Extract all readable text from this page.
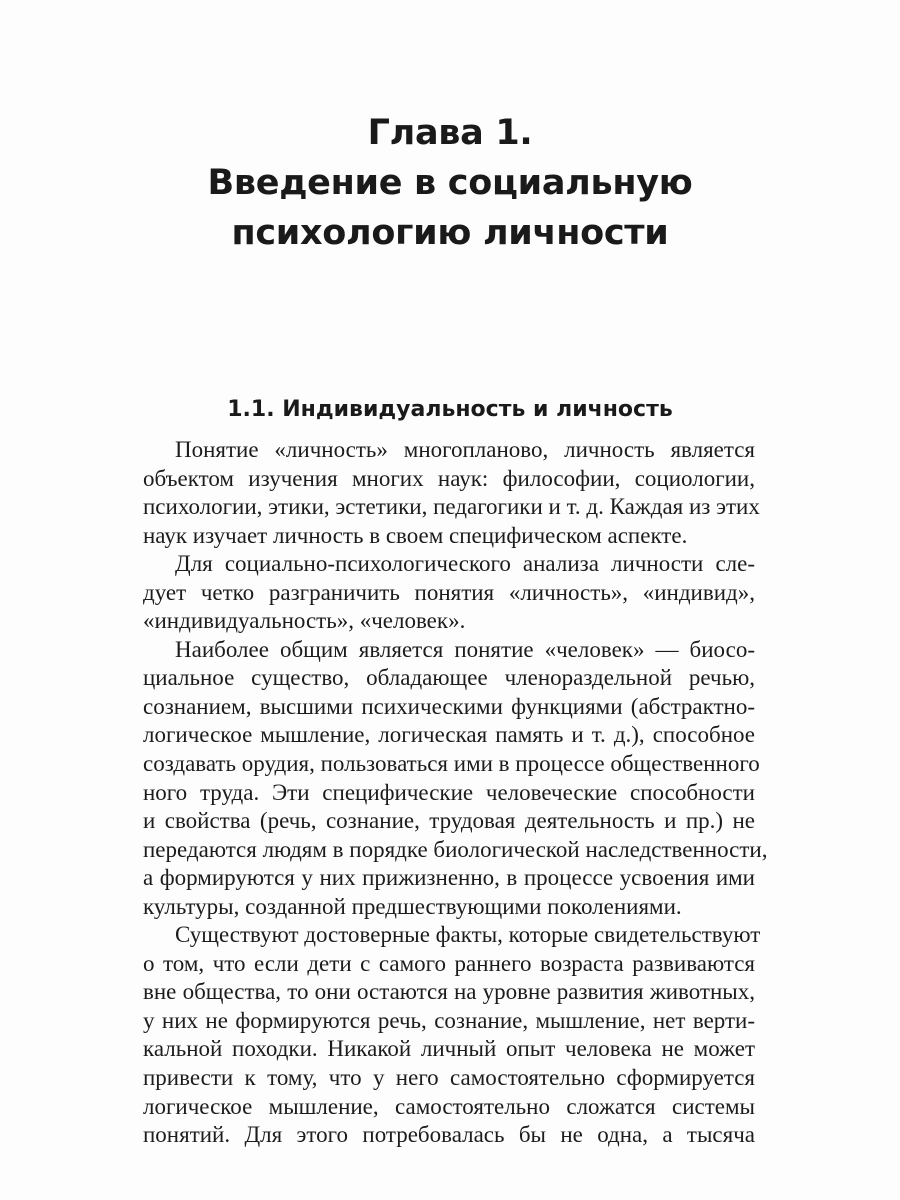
Глава 1.
Введение в социальную
психологию личности
1.1. Индивидуальность и личность
Понятие «личность» многопланово, личность является
объектом изучения многих наук: философии, социологии,
психологии, этики, эстетики, педагогики и т. д. Каждая из этих
наук изучает личность в своем специфическом аспекте.
Для социально-психологического анализа личности сле-
дует четко разграничить понятия «личность», «индивид»,
«индивидуальность», «человек».
Наиболее общим является понятие «человек» — биосо-
циальное существо, обладающее членораздельной речью,
сознанием, высшими психическими функциями (абстрактно-
логическое мышление, логическая память и т. д.), способное
создавать орудия, пользоваться ими в процессе общественного
ного труда. Эти специфические человеческие способности
и свойства (речь, сознание, трудовая деятельность и пр.) не
передаются людям в порядке биологической наследственности,
а формируются у них прижизненно, в процессе усвоения ими
культуры, созданной предшествующими поколениями.
Существуют достоверные факты, которые свидетельствуют
о том, что если дети с самого раннего возраста развиваются
вне общества, то они остаются на уровне развития животных,
у них не формируются речь, сознание, мышление, нет верти-
кальной походки. Никакой личный опыт человека не может
привести к тому, что у него самостоятельно сформируется
логическое мышление, самостоятельно сложатся системы
понятий. Для этого потребовалась бы не одна, а тысяча
